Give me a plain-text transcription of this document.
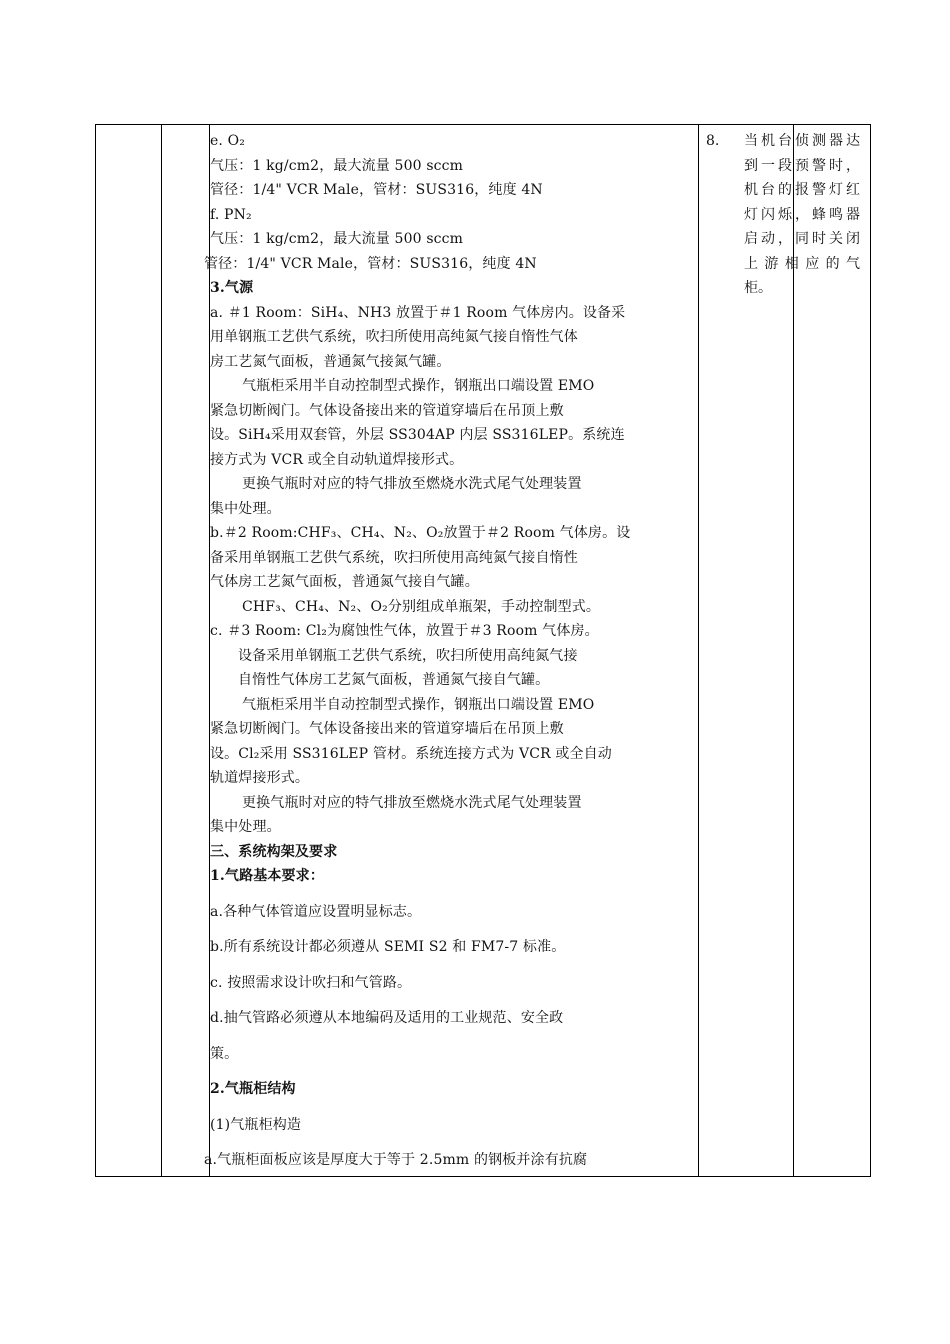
e. O₂

气压：1 kg/cm2，最大流量 500 sccm

管径：1/4" VCR Male，管材：SUS316，纯度 4N

f. PN₂

气压：1 kg/cm2，最大流量 500 sccm

管径：1/4" VCR Male，管材：SUS316，纯度 4N

3.气源

a. ＃1 Room：SiH₄、NH3 放置于＃1 Room 气体房内。设备采

用单钢瓶工艺供气系统，吹扫所使用高纯氮气接自惰性气体

房工艺氮气面板，普通氮气接氮气罐。

气瓶柜采用半自动控制型式操作，钢瓶出口端设置 EMO

紧急切断阀门。气体设备接出来的管道穿墙后在吊顶上敷

设。SiH₄采用双套管，外层 SS304AP 内层 SS316LEP。系统连

接方式为 VCR 或全自动轨道焊接形式。

更换气瓶时对应的特气排放至燃烧水洗式尾气处理装置

集中处理。

b.＃2 Room:CHF₃、CH₄、N₂、O₂放置于＃2 Room 气体房。设

备采用单钢瓶工艺供气系统，吹扫所使用高纯氮气接自惰性

气体房工艺氮气面板，普通氮气接自气罐。

CHF₃、CH₄、N₂、O₂分别组成单瓶架，手动控制型式。

c. ＃3 Room: Cl₂为腐蚀性气体，放置于＃3 Room 气体房。

设备采用单钢瓶工艺供气系统，吹扫所使用高纯氮气接

自惰性气体房工艺氮气面板，普通氮气接自气罐。

气瓶柜采用半自动控制型式操作，钢瓶出口端设置 EMO

紧急切断阀门。气体设备接出来的管道穿墙后在吊顶上敷

设。Cl₂采用 SS316LEP 管材。系统连接方式为 VCR 或全自动

轨道焊接形式。

更换气瓶时对应的特气排放至燃烧水洗式尾气处理装置

集中处理。

三、系统构架及要求

1.气路基本要求：

a.各种气体管道应设置明显标志。

b.所有系统设计都必须遵从 SEMI S2 和 FM7-7 标准。

c. 按照需求设计吹扫和气管路。

d.抽气管路必须遵从本地编码及适用的工业规范、安全政

策。

2.气瓶柜结构

(1)气瓶柜构造

a.气瓶柜面板应该是厚度大于等于 2.5mm 的钢板并涂有抗腐

8. 当机台侦测器达
到一段预警时，
机台的报警灯红
灯闪烁，蜂鸣器
启动，同时关闭
上游相应的气
柜。
